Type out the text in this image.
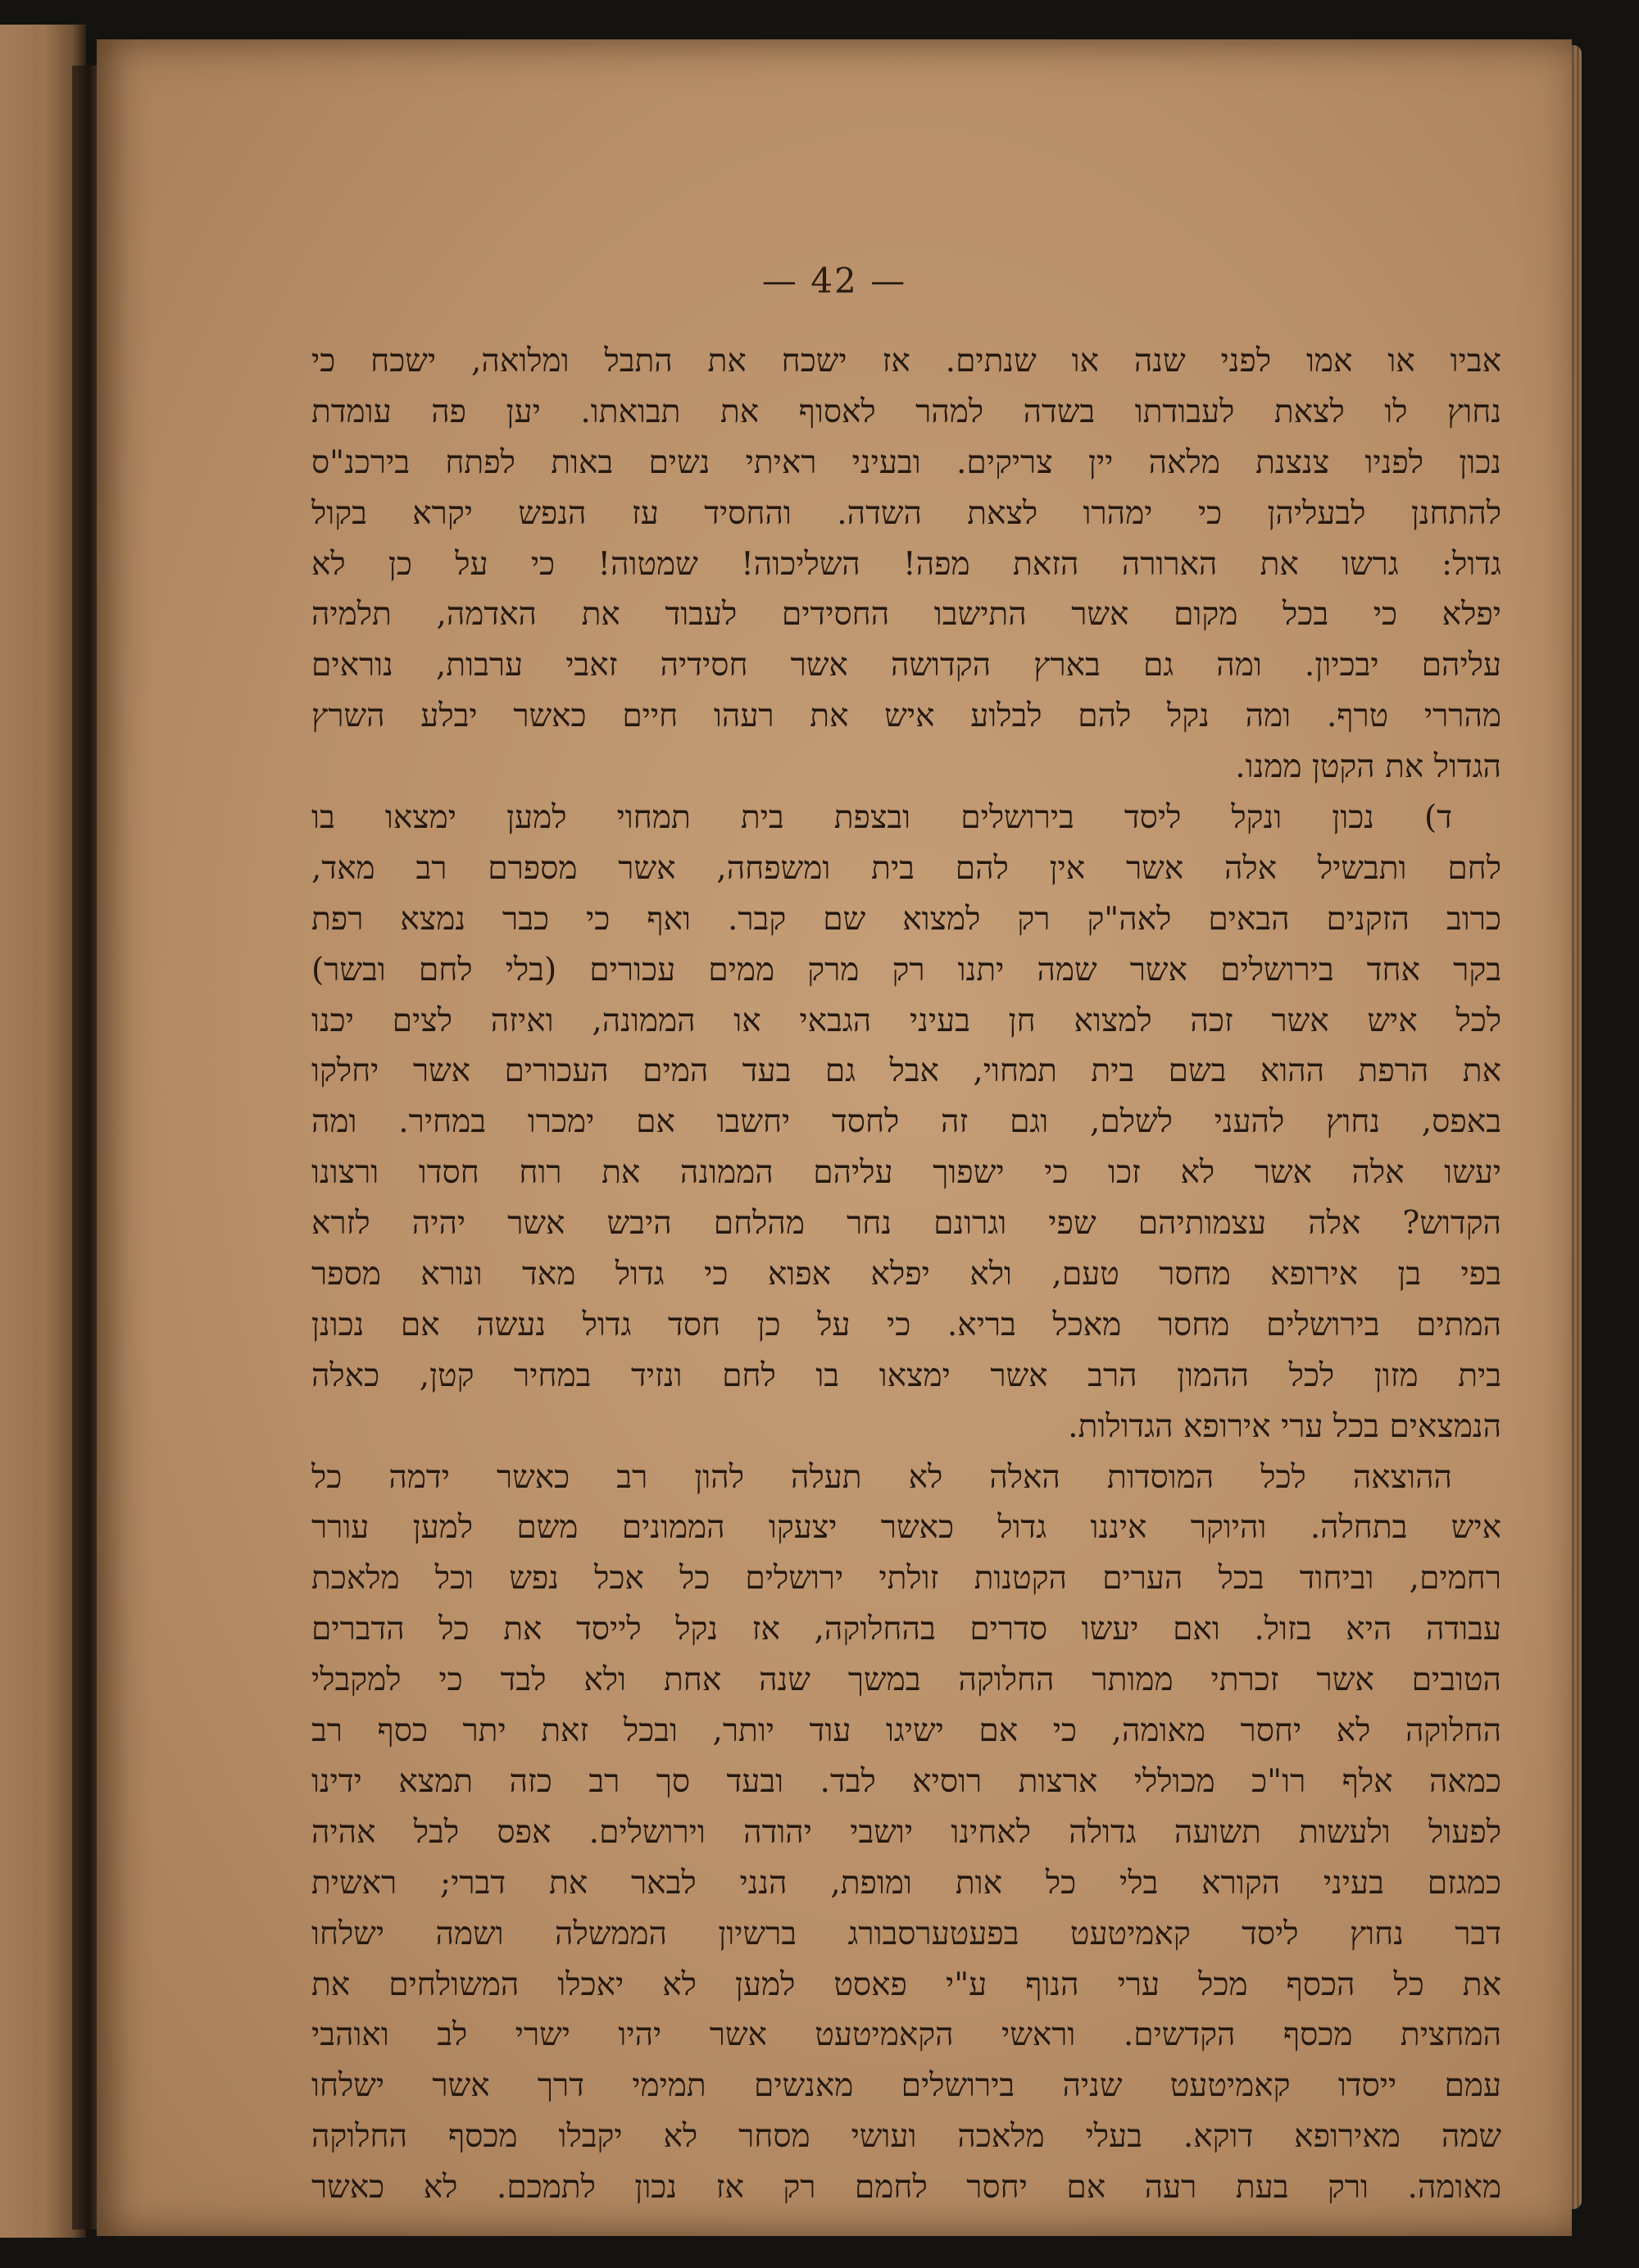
— 42 —
אביו או אמו לפני שנה או שנתים. אז ישכח את התבל ומלואה, ישכח כי
נחוץ לו לצאת לעבודתו בשדה למהר לאסוף את תבואתו. יען פה עומדת
נכון לפניו צנצנת מלאה יין צריקים. ובעיני ראיתי נשים באות לפתח בירכנ"ס
להתחנן לבעליהן כי ימהרו לצאת השדה. והחסיד עז הנפש יקרא בקול
גדול: גרשו את הארורה הזאת מפה! השליכוה! שמטוה! כי על כן לא
יפלא כי בכל מקום אשר התישבו החסידים לעבוד את האדמה, תלמיה
עליהם יבכיון. ומה גם בארץ הקדושה אשר חסידיה זאבי ערבות, נוראים
מהררי טרף. ומה נקל להם לבלוע איש את רעהו חיים כאשר יבלע השרץ
הגדול את הקטן ממנו.
ד) נכון ונקל ליסד בירושלים ובצפת בית תמחוי למען ימצאו בו
לחם ותבשיל אלה אשר אין להם בית ומשפחה, אשר מספרם רב מאד,
כרוב הזקנים הבאים לאה"ק רק למצוא שם קבר. ואף כי כבר נמצא רפת
בקר אחד בירושלים אשר שמה יתנו רק מרק ממים עכורים (בלי לחם ובשר)
לכל איש אשר זכה למצוא חן בעיני הגבאי או הממונה, ואיזה לצים יכנו
את הרפת ההוא בשם בית תמחוי, אבל גם בעד המים העכורים אשר יחלקו
באפס, נחוץ להעני לשלם, וגם זה לחסד יחשבו אם ימכרו במחיר. ומה
יעשו אלה אשר לא זכו כי ישפוך עליהם הממונה את רוח חסדו ורצונו
הקדוש? אלה עצמותיהם שפי וגרונם נחר מהלחם היבש אשר יהיה לזרא
בפי בן אירופא מחסר טעם, ולא יפלא אפוא כי גדול מאד ונורא מספר
המתים בירושלים מחסר מאכל בריא. כי על כן חסד גדול נעשה אם נכונן
בית מזון לכל ההמון הרב אשר ימצאו בו לחם ונזיד במחיר קטן, כאלה
הנמצאים בכל ערי אירופא הגדולות.
ההוצאה לכל המוסדות האלה לא תעלה להון רב כאשר ידמה כל
איש בתחלה. והיוקר איננו גדול כאשר יצעקו הממונים משם למען עורר
רחמים, וביחוד בכל הערים הקטנות זולתי ירושלים כל אכל נפש וכל מלאכת
עבודה היא בזול. ואם יעשו סדרים בהחלוקה, אז נקל לייסד את כל הדברים
הטובים אשר זכרתי ממותר החלוקה במשך שנה אחת ולא לבד כי למקבלי
החלוקה לא יחסר מאומה, כי אם ישיגו עוד יותר, ובכל זאת יתר כסף רב
כמאה אלף רו"כ מכוללי ארצות רוסיא לבד. ובעד סך רב כזה תמצא ידינו
לפעול ולעשות תשועה גדולה לאחינו יושבי יהודה וירושלים. אפס לבל אהיה
כמגזם בעיני הקורא בלי כל אות ומופת, הנני לבאר את דברי; ראשית
דבר נחוץ ליסד קאמיטעט בפעטערסבורג ברשיון הממשלה ושמה ישלחו
את כל הכסף מכל ערי הנוף ע"י פאסט למען לא יאכלו המשולחים את
המחצית מכסף הקדשים. וראשי הקאמיטעט אשר יהיו ישרי לב ואוהבי
עמם ייסדו קאמיטעט שניה בירושלים מאנשים תמימי דרך אשר ישלחו
שמה מאירופא דוקא. בעלי מלאכה ועושי מסחר לא יקבלו מכסף החלוקה
מאומה. ורק בעת רעה אם יחסר לחמם רק אז נכון לתמכם. לא כאשר
